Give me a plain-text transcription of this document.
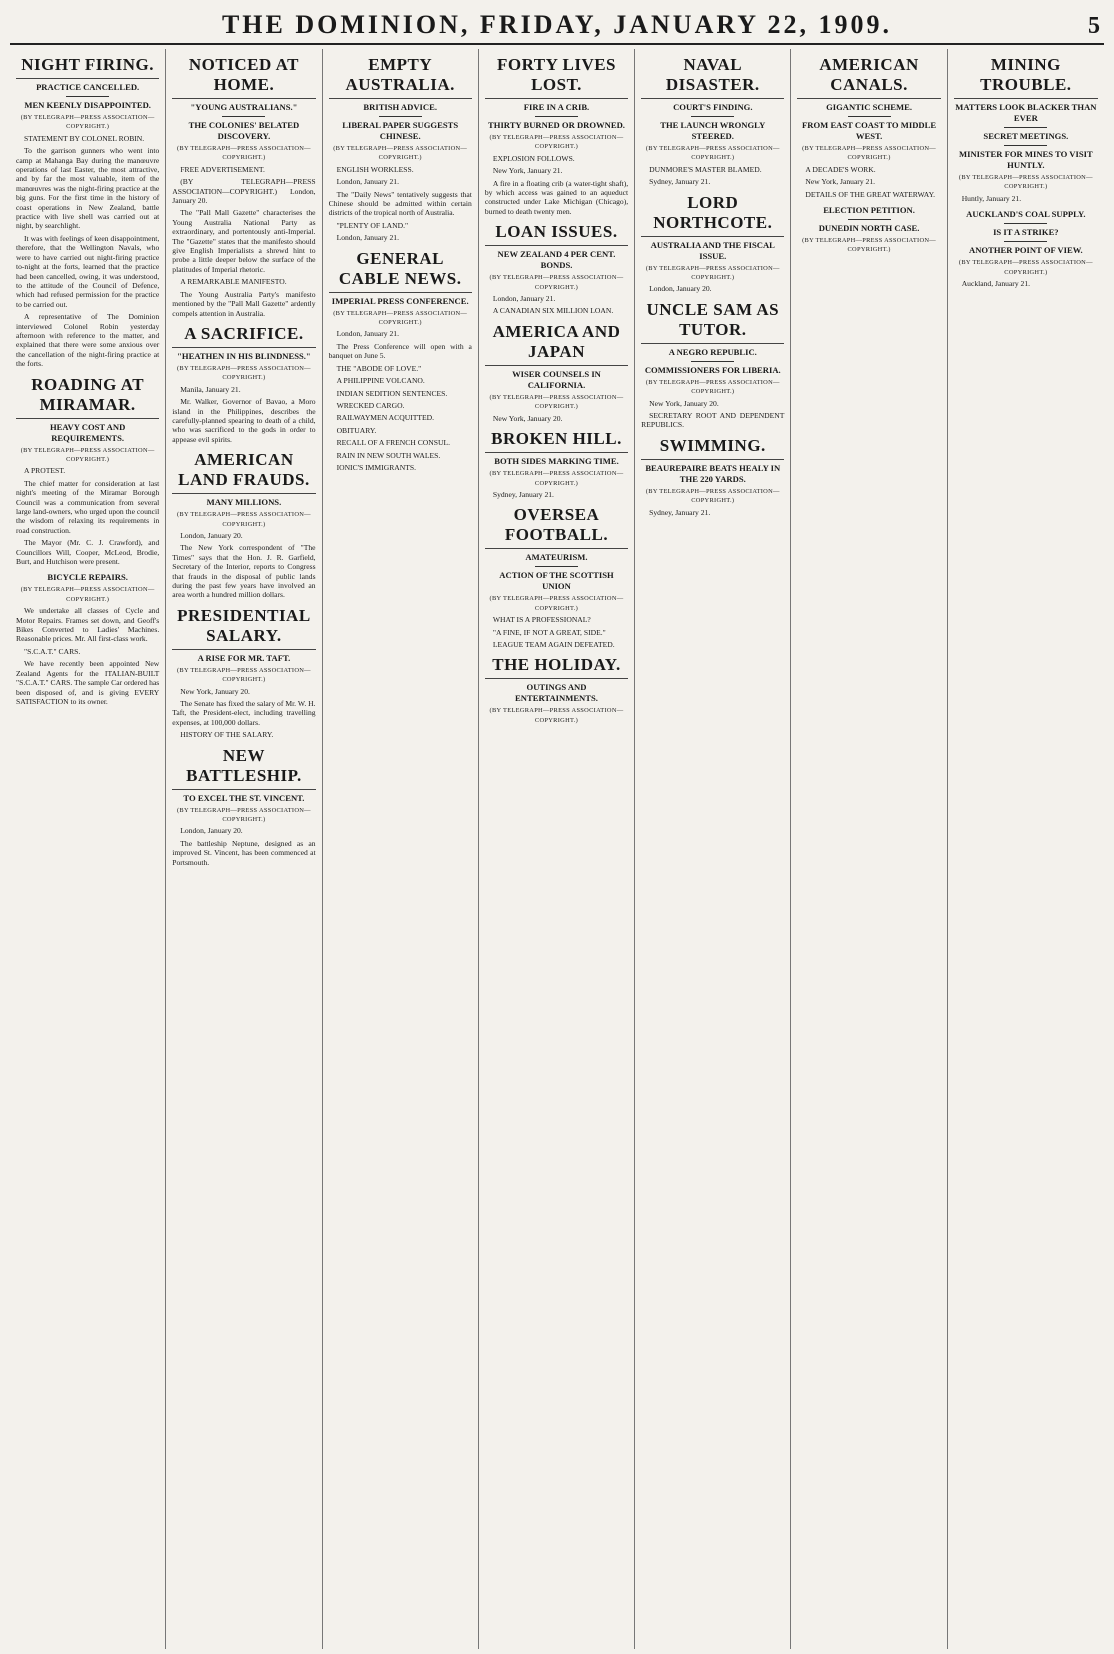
THE DOMINION, FRIDAY, JANUARY 22, 1909.	5
NIGHT FIRING.
PRACTICE CANCELLED.
MEN KEENLY DISAPPOINTED.
(BY TELEGRAPH—PRESS ASSOCIATION—COPYRIGHT.)

STATEMENT BY COLONEL ROBIN.

To the garrison gunners who went into camp at Mahanga Bay during the manœuvre operations of last Easter, the most attractive, and by far the most valuable, item of the manœuvres was the night-firing practice at the big guns. For the first time in the history of coast operations in New Zealand, battle practice with live shell was carried out at night, by searchlight.

It was with feelings of keen disappointment, therefore, that the Wellington Navals, who were to have carried out night-firing practice to-night at the forts, learned that the practice had been cancelled, owing, it was understood, to the attitude of the Council of Defence, which had refused permission for the practice to be carried out.

A representative of The Dominion interviewed Colonel Robin yesterday afternoon with reference to the matter, and explained that there were some anxious over the cancellation of the night-firing practice at the forts.

ROADING AT MIRAMAR.
HEAVY COST AND REQUIREMENTS.
(BY TELEGRAPH—PRESS ASSOCIATION—COPYRIGHT.)

A PROTEST.

The chief matter for consideration at last night's meeting of the Miramar Borough Council was a communication from several large land-owners, who urged upon the council the wisdom of relaxing its requirements in road construction.

The Mayor (Mr. C. J. Crawford), and Councillors Will, Cooper, McLeod, Brodie, Burt, and Hutchison were present.

BICYCLE REPAIRS.
(BY TELEGRAPH—PRESS ASSOCIATION—COPYRIGHT.)

We undertake all classes of Cycle and Motor Repairs. Frames set down, and Geoff's Bikes Converted to Ladies' Machines. Reasonable prices. Mr. All first-class work.

"S.C.A.T." CARS.

We have recently been appointed New Zealand Agents for the ITALIAN-BUILT "S.C.A.T." CARS. The sample Car ordered has been disposed of, and is giving EVERY SATISFACTION to its owner.

NOTICED AT HOME.
"YOUNG AUSTRALIANS."
THE COLONIES' BELATED DISCOVERY.
(BY TELEGRAPH—PRESS ASSOCIATION—COPYRIGHT.)

FREE ADVERTISEMENT.

(BY TELEGRAPH—PRESS ASSOCIATION—COPYRIGHT.) London, January 20.

The "Pall Mall Gazette" characterises the Young Australia National Party as extraordinary, and portentously anti-Imperial. The "Gazette" states that the manifesto should give English Imperialists a shrewd hint to probe a little deeper below the surface of the platitudes of Imperial rhetoric.

A REMARKABLE MANIFESTO.

The Young Australia Party's manifesto mentioned by the "Pall Mall Gazette" ardently compels attention in Australia.

A SACRIFICE.
"HEATHEN IN HIS BLINDNESS."
(BY TELEGRAPH—PRESS ASSOCIATION—COPYRIGHT.)

Manila, January 21.

Mr. Walker, Governor of Bavao, a Moro island in the Philippines, describes the carefully-planned spearing to death of a child, who was sacrificed to the gods in order to appease evil spirits.

AMERICAN LAND FRAUDS.
MANY MILLIONS.
(BY TELEGRAPH—PRESS ASSOCIATION—COPYRIGHT.)

London, January 20.

The New York correspondent of "The Times" says that the Hon. J. R. Garfield, Secretary of the Interior, reports to Congress that frauds in the disposal of public lands during the past few years have involved an area worth a hundred million dollars.

PRESIDENTIAL SALARY.
A RISE FOR MR. TAFT.
(BY TELEGRAPH—PRESS ASSOCIATION—COPYRIGHT.)

New York, January 20.

The Senate has fixed the salary of Mr. W. H. Taft, the President-elect, including travelling expenses, at 100,000 dollars.

HISTORY OF THE SALARY.

NEW BATTLESHIP.
TO EXCEL THE ST. VINCENT.
(BY TELEGRAPH—PRESS ASSOCIATION—COPYRIGHT.)

London, January 20.

The battleship Neptune, designed as an improved St. Vincent, has been commenced at Portsmouth.

EMPTY AUSTRALIA.
BRITISH ADVICE.
LIBERAL PAPER SUGGESTS CHINESE.
(BY TELEGRAPH—PRESS ASSOCIATION—COPYRIGHT.)

ENGLISH WORKLESS.

London, January 21.

The "Daily News" tentatively suggests that Chinese should be admitted within certain districts of the tropical north of Australia.

"PLENTY OF LAND."

London, January 21.

GENERAL CABLE NEWS.
IMPERIAL PRESS CONFERENCE.
(BY TELEGRAPH—PRESS ASSOCIATION—COPYRIGHT.)

London, January 21.

The Press Conference will open with a banquet on June 5.

THE "ABODE OF LOVE."

A PHILIPPINE VOLCANO.

INDIAN SEDITION SENTENCES.

WRECKED CARGO.

RAILWAYMEN ACQUITTED.

OBITUARY.

RECALL OF A FRENCH CONSUL.

RAIN IN NEW SOUTH WALES.

IONIC'S IMMIGRANTS.

FORTY LIVES LOST.
FIRE IN A CRIB.
THIRTY BURNED OR DROWNED.
(BY TELEGRAPH—PRESS ASSOCIATION—COPYRIGHT.)

EXPLOSION FOLLOWS.

New York, January 21.

A fire in a floating crib (a water-tight shaft), by which access was gained to an aqueduct constructed under Lake Michigan (Chicago), burned to death twenty men.

LOAN ISSUES.
NEW ZEALAND 4 PER CENT. BONDS.
(BY TELEGRAPH—PRESS ASSOCIATION—COPYRIGHT.)

London, January 21.

A CANADIAN SIX MILLION LOAN.

AMERICA AND JAPAN
WISER COUNSELS IN CALIFORNIA.
(BY TELEGRAPH—PRESS ASSOCIATION—COPYRIGHT.)

New York, January 20.

BROKEN HILL.
BOTH SIDES MARKING TIME.
(BY TELEGRAPH—PRESS ASSOCIATION—COPYRIGHT.)

Sydney, January 21.

OVERSEA FOOTBALL.
AMATEURISM.
ACTION OF THE SCOTTISH UNION
(BY TELEGRAPH—PRESS ASSOCIATION—COPYRIGHT.)

WHAT IS A PROFESSIONAL?

"A FINE, IF NOT A GREAT, SIDE."

LEAGUE TEAM AGAIN DEFEATED.

THE HOLIDAY.
OUTINGS AND ENTERTAINMENTS.
(BY TELEGRAPH—PRESS ASSOCIATION—COPYRIGHT.)
NAVAL DISASTER.
COURT'S FINDING.
THE LAUNCH WRONGLY STEERED.
(BY TELEGRAPH—PRESS ASSOCIATION—COPYRIGHT.)

DUNMORE'S MASTER BLAMED.

Sydney, January 21.

LORD NORTHCOTE.
AUSTRALIA AND THE FISCAL ISSUE.
(BY TELEGRAPH—PRESS ASSOCIATION—COPYRIGHT.)

London, January 20.

UNCLE SAM AS TUTOR.
A NEGRO REPUBLIC.
COMMISSIONERS FOR LIBERIA.
(BY TELEGRAPH—PRESS ASSOCIATION—COPYRIGHT.)

New York, January 20.

SECRETARY ROOT AND DEPENDENT REPUBLICS.

SWIMMING.
BEAUREPAIRE BEATS HEALY IN THE 220 YARDS.
(BY TELEGRAPH—PRESS ASSOCIATION—COPYRIGHT.)

Sydney, January 21.

AMERICAN CANALS.
GIGANTIC SCHEME.
FROM EAST COAST TO MIDDLE WEST.
(BY TELEGRAPH—PRESS ASSOCIATION—COPYRIGHT.)

A DECADE'S WORK.

New York, January 21.

DETAILS OF THE GREAT WATERWAY.

ELECTION PETITION.
DUNEDIN NORTH CASE.
(BY TELEGRAPH—PRESS ASSOCIATION—COPYRIGHT.)
MINING TROUBLE.
MATTERS LOOK BLACKER THAN EVER
SECRET MEETINGS.
MINISTER FOR MINES TO VISIT HUNTLY.
(BY TELEGRAPH—PRESS ASSOCIATION—COPYRIGHT.)

Huntly, January 21.

AUCKLAND'S COAL SUPPLY.
IS IT A STRIKE?
ANOTHER POINT OF VIEW.
(BY TELEGRAPH—PRESS ASSOCIATION—COPYRIGHT.)

Auckland, January 21.
